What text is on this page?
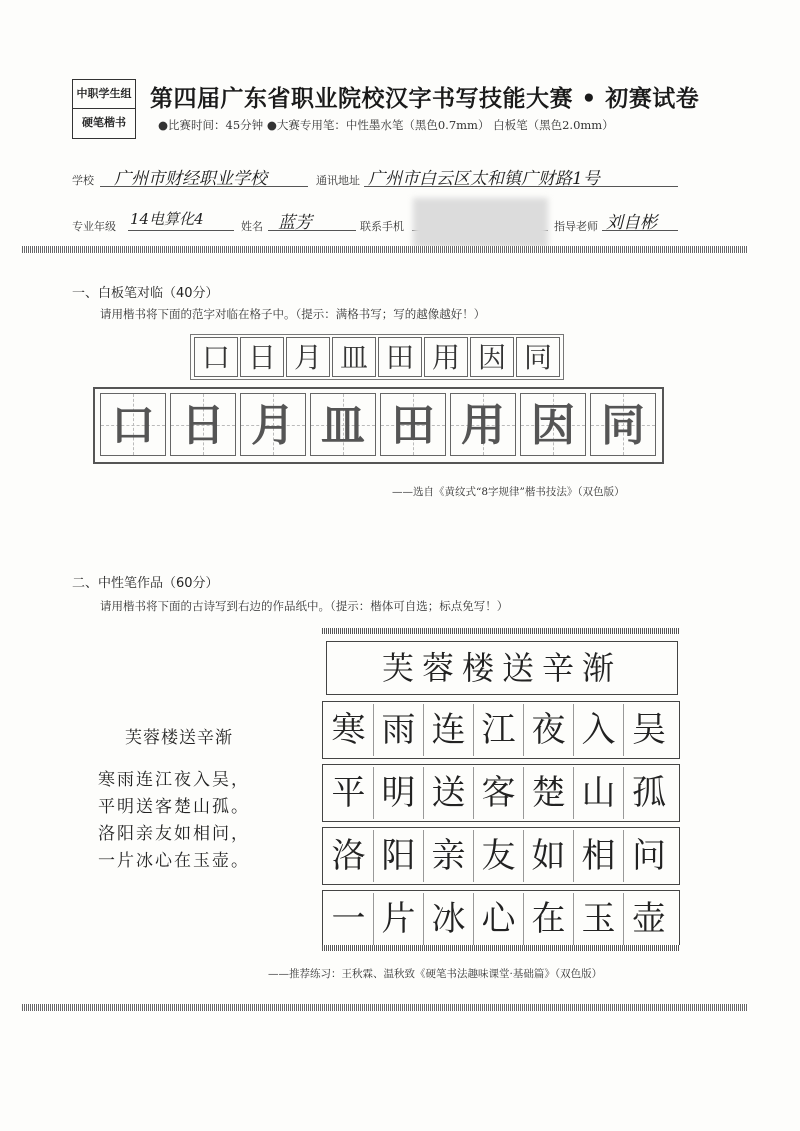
中职学生组
硬笔楷书
第四届广东省职业院校汉字书写技能大赛 • 初赛试卷
●比赛时间：45分钟 ●大赛专用笔：中性墨水笔（黑色0.7mm） 白板笔（黑色2.0mm）
学校 广州市财经职业学校	通讯地址 广州市白云区太和镇广财路1号
专业年级 14电算化4	姓名 蓝芳	联系手机	指导老师 刘自彬
一、白板笔对临（40分）
请用楷书将下面的范字对临在格子中。（提示：满格书写；写的越像越好！）
口 日 月 皿 田 用 因 同
口 日 月 皿 田 用 因 同
——选自《黄纹式“8字规律”楷书技法》（双色版）
二、中性笔作品（60分）
请用楷书将下面的古诗写到右边的作品纸中。（提示：楷体可自选；标点免写！）
芙蓉楼送辛渐
寒雨连江夜入吴，
平明送客楚山孤。
洛阳亲友如相问，
一片冰心在玉壶。
芙蓉楼送辛渐
寒 雨 连 江 夜 入 吴
平 明 送 客 楚 山 孤
洛 阳 亲 友 如 相 问
一 片 冰 心 在 玉 壶
——推荐练习：王秋霖、温秋致《硬笔书法趣味课堂·基础篇》（双色版）
